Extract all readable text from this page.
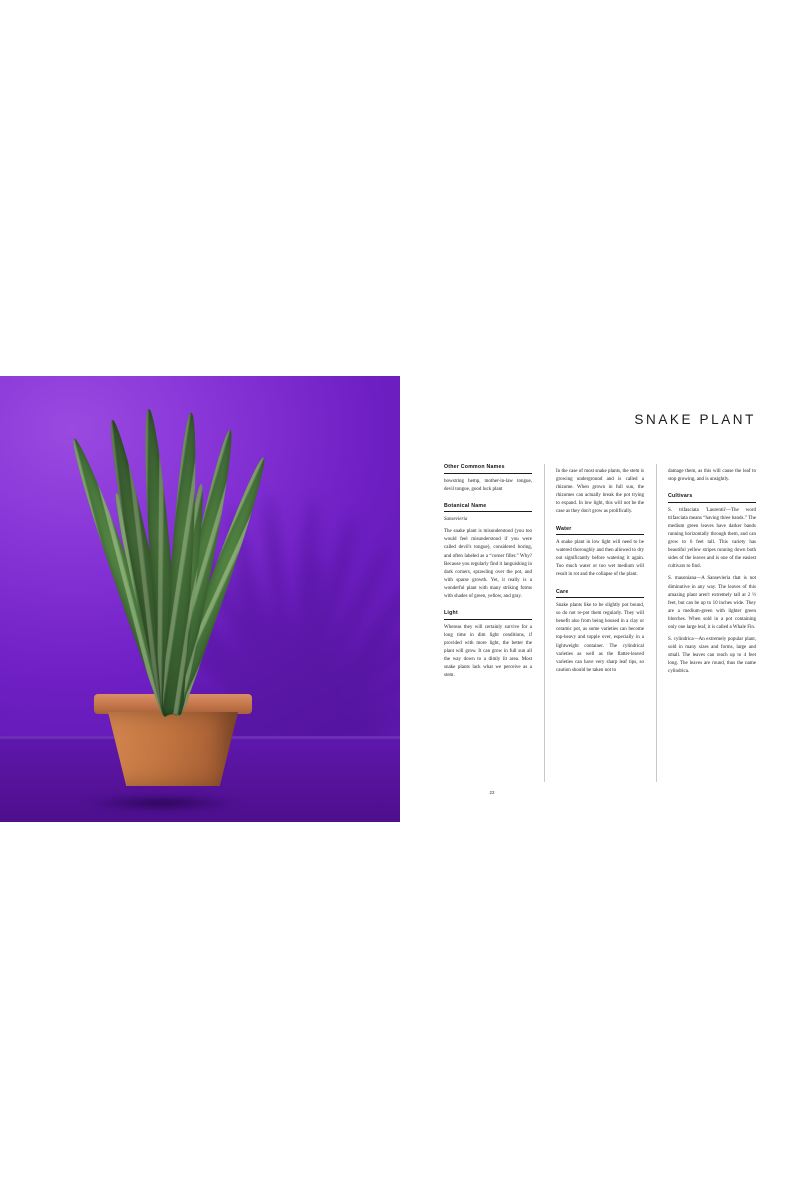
SNAKE PLANT
Other Common Names

bowstring hemp, mother-in-law tongue, devil tongue, good luck plant

Botanical Name

Sansevieria

The snake plant is misunderstood (you too would feel misunderstood if you were called devil's tongue), considered boring, and often labeled as a “corner filler.” Why? Because you regularly find it languishing in dark corners, sprawling over the pot, and with sparse growth. Yet, it really is a wonderful plant with many striking forms with shades of green, yellow, and gray.

Light

Whereas they will certainly survive for a long time in dim light conditions, if provided with more light, the better the plant will grow. It can grow in full sun all the way down to a dimly lit area. Most snake plants lack what we perceive as a stem.

In the case of most snake plants, the stem is growing underground and is called a rhizome. When grown in full sun, the rhizomes can actually break the pot trying to expand. In low light, this will not be the case as they don't grow as prolifically.

Water

A snake plant in low light will need to be watered thoroughly and then allowed to dry out significantly before watering it again. Too much water or too wet medium will result in rot and the collapse of the plant.

Care

Snake plants like to be slightly pot bound, so do not re-pot them regularly. They will benefit also from being housed in a clay or ceramic pot, as some varieties can become top-heavy and topple over, especially in a lightweight container. The cylindrical varieties as well as the flatter-leaved varieties can have very sharp leaf tips, so caution should be taken not to

damage them, as this will cause the leaf to stop growing, and is unsightly.

Cultivars

S. trifasciata 'Laurentii'—The word trifasciata means “having three bands.” The medium green leaves have darker bands running horizontally through them, and can grow to 6 feet tall. This variety has beautiful yellow stripes running down both sides of the leaves and is one of the easiest cultivars to find.

S. masoniana—A Sansevieria that is not diminutive in any way. The leaves of this amazing plant aren't extremely tall at 2 ½ feet, but can be up to 10 inches wide. They are a medium-green with lighter green blotches. When sold in a pot containing only one large leaf, it is called a Whale Fin.

S. cylindrica—An extremely popular plant, sold in many sizes and forms, large and small. The leaves can reach up to 4 feet long. The leaves are round, thus the name cylindrica.

23
